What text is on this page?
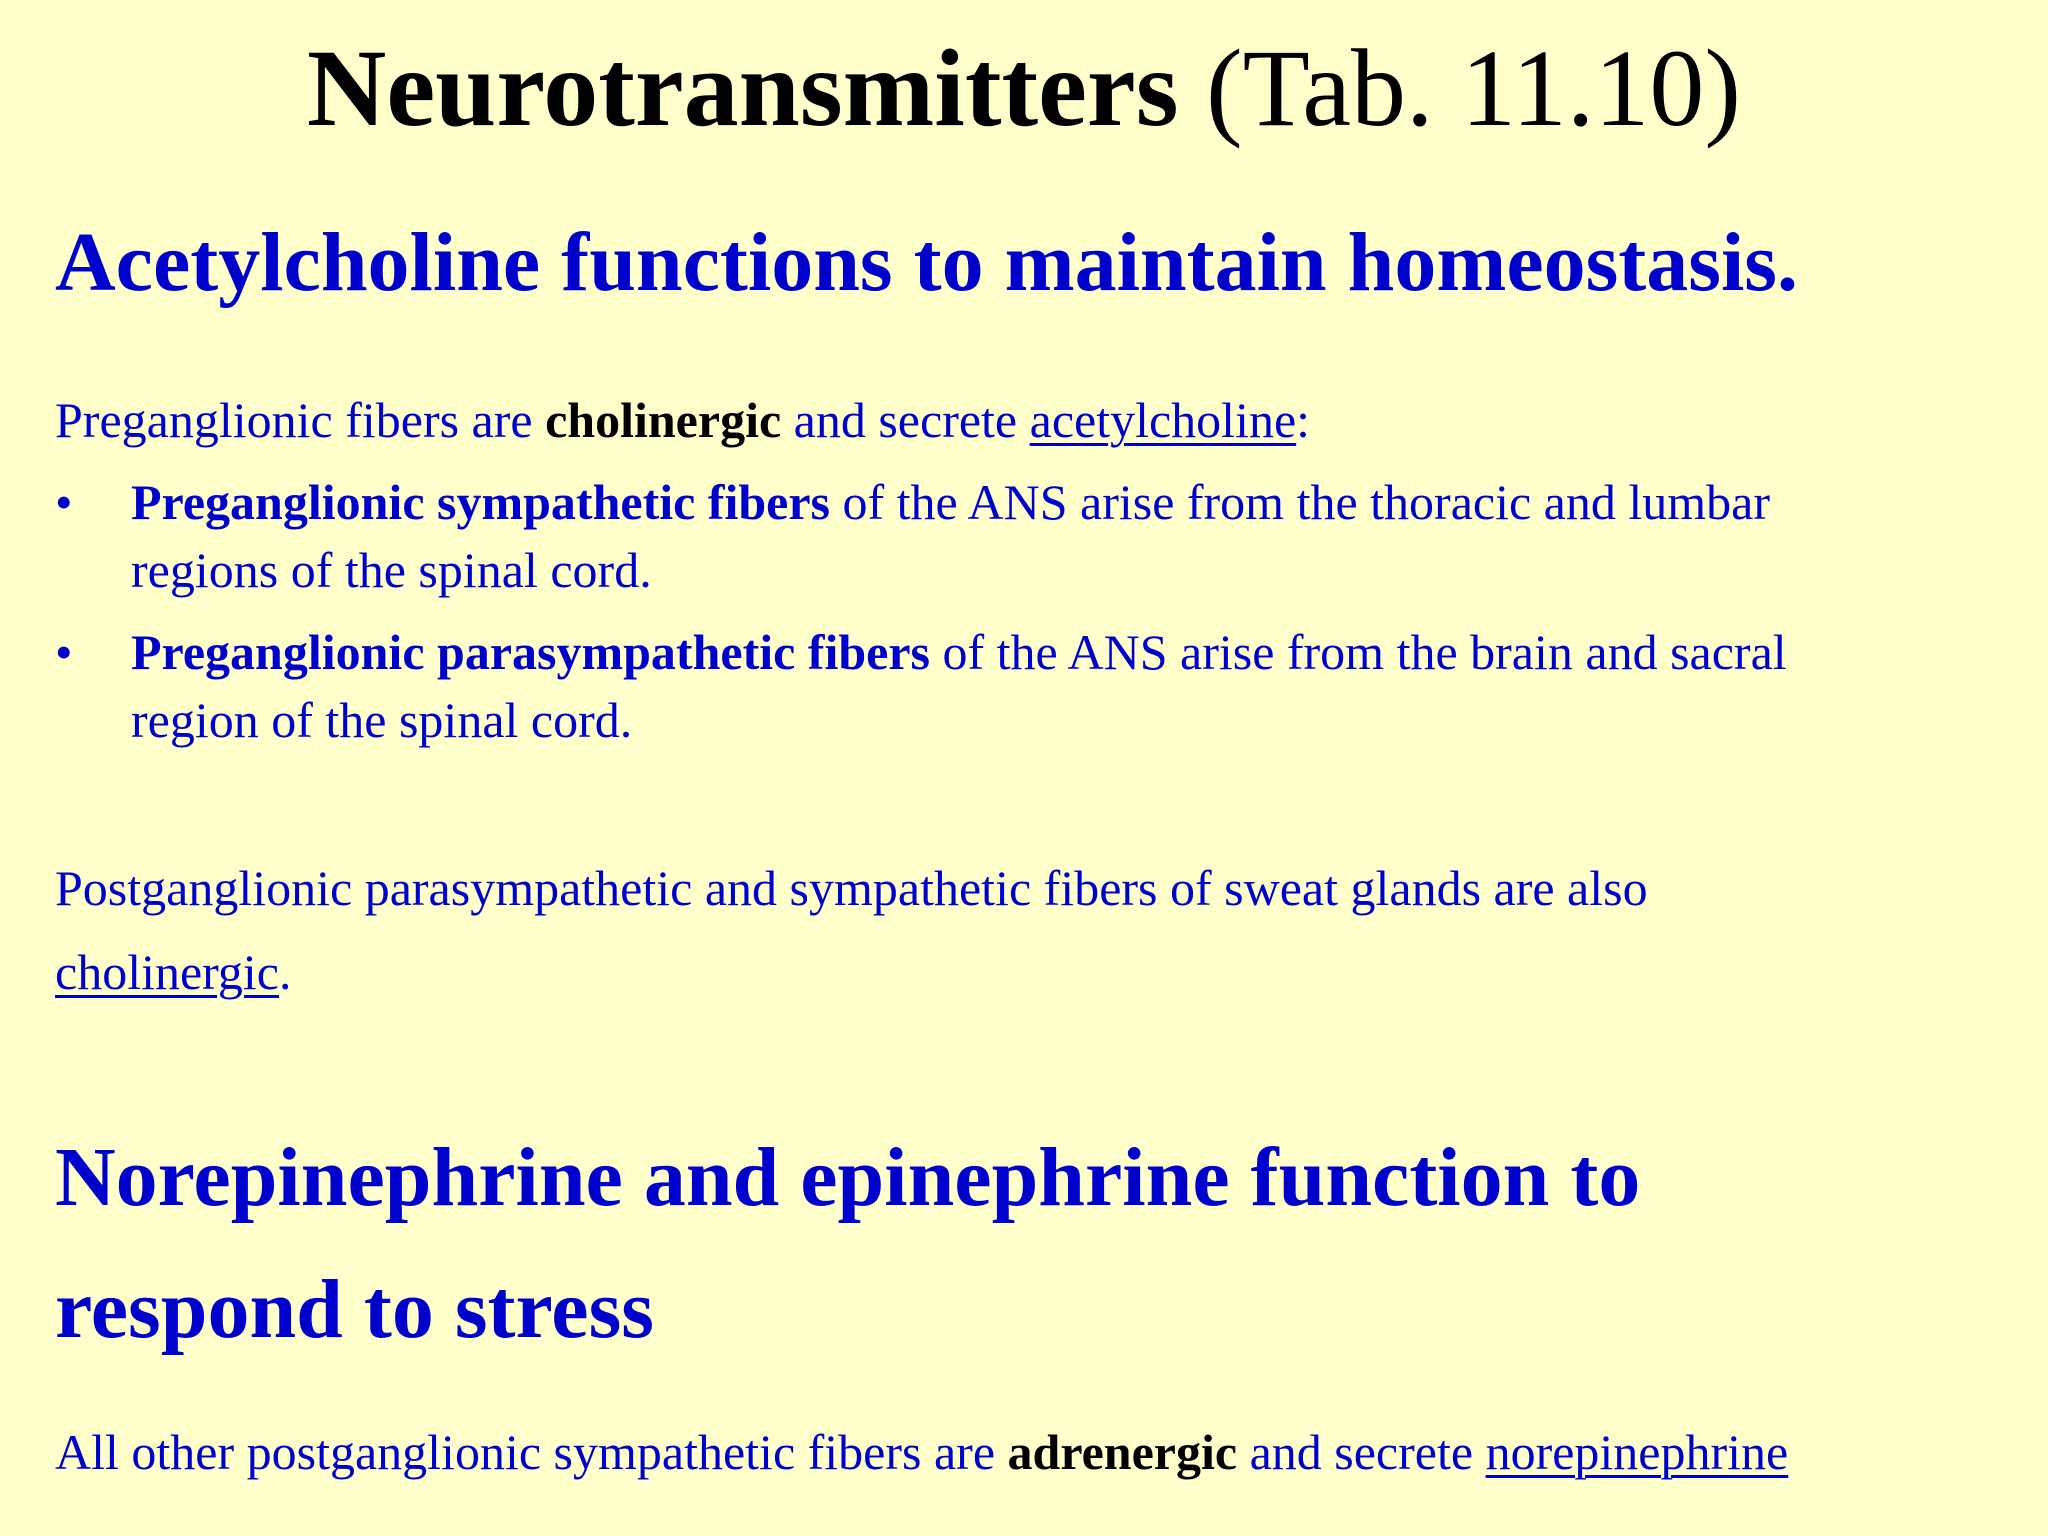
Neurotransmitters (Tab. 11.10)
Acetylcholine functions to maintain homeostasis.
Preganglionic fibers are cholinergic and secrete acetylcholine:
•	Preganglionic sympathetic fibers of the ANS arise from the thoracic and lumbar
regions of the spinal cord.
•	Preganglionic parasympathetic fibers of the ANS arise from the brain and sacral
region of the spinal cord.
Postganglionic parasympathetic and sympathetic fibers of sweat glands are also
cholinergic.
Norepinephrine and epinephrine function to
respond to stress
All other postganglionic sympathetic fibers are adrenergic and secrete norepinephrine
